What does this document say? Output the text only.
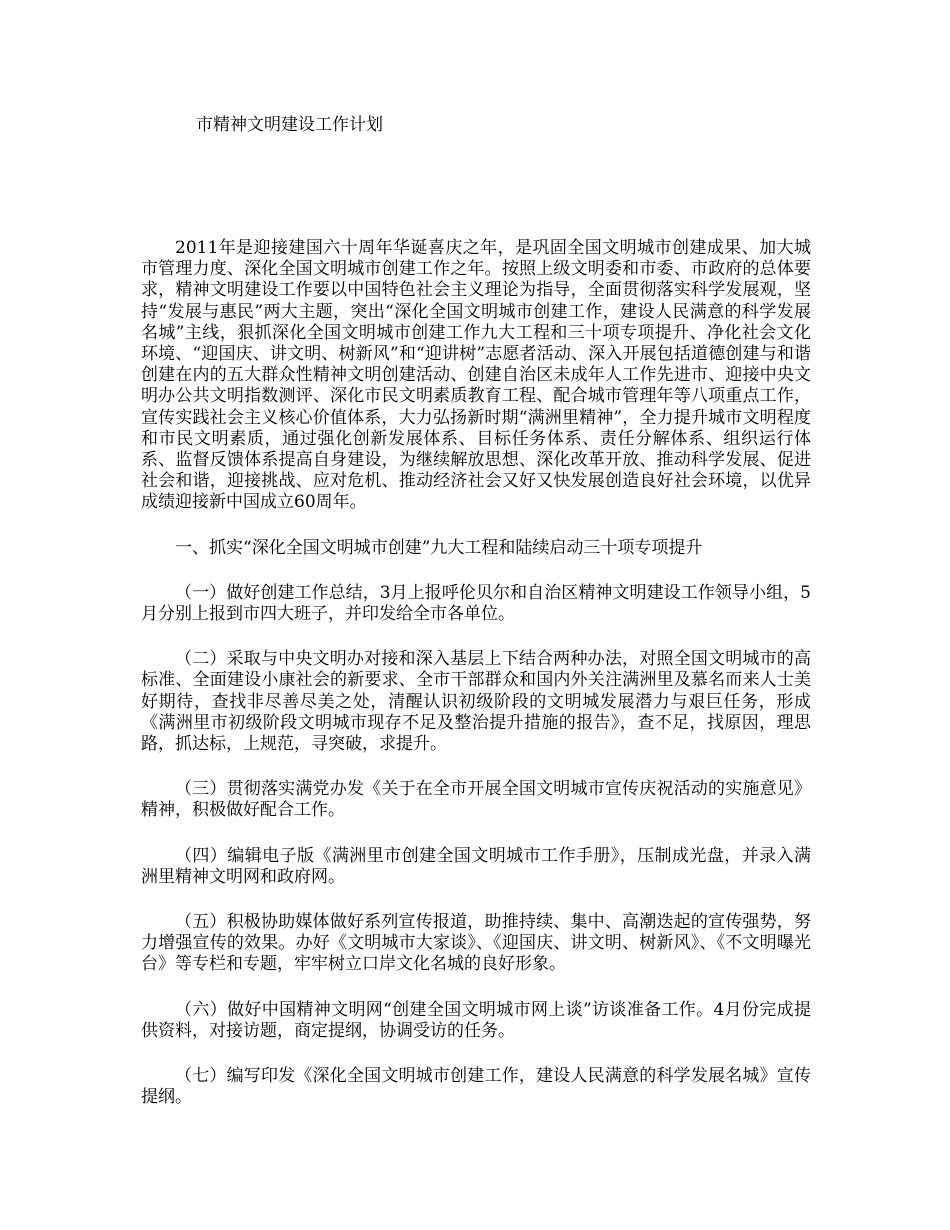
市精神文明建设工作计划

2011年是迎接建国六十周年华诞喜庆之年，是巩固全国文明城市创建成果、加大城市管理力度、深化全国文明城市创建工作之年。按照上级文明委和市委、市政府的总体要求，精神文明建设工作要以中国特色社会主义理论为指导，全面贯彻落实科学发展观，坚持“发展与惠民”两大主题，突出“深化全国文明城市创建工作，建设人民满意的科学发展名城”主线，狠抓深化全国文明城市创建工作九大工程和三十项专项提升、净化社会文化环境、“迎国庆、讲文明、树新风”和“迎讲树”志愿者活动、深入开展包括道德创建与和谐创建在内的五大群众性精神文明创建活动、创建自治区未成年人工作先进市、迎接中央文明办公共文明指数测评、深化市民文明素质教育工程、配合城市管理年等八项重点工作，宣传实践社会主义核心价值体系，大力弘扬新时期“满洲里精神”，全力提升城市文明程度和市民文明素质，通过强化创新发展体系、目标任务体系、责任分解体系、组织运行体系、监督反馈体系提高自身建设，为继续解放思想、深化改革开放、推动科学发展、促进社会和谐，迎接挑战、应对危机、推动经济社会又好又快发展创造良好社会环境，以优异成绩迎接新中国成立60周年。

一、抓实“深化全国文明城市创建”九大工程和陆续启动三十项专项提升

（一）做好创建工作总结，3月上报呼伦贝尔和自治区精神文明建设工作领导小组，5月分别上报到市四大班子，并印发给全市各单位。

（二）采取与中央文明办对接和深入基层上下结合两种办法，对照全国文明城市的高标准、全面建设小康社会的新要求、全市干部群众和国内外关注满洲里及慕名而来人士美好期待，查找非尽善尽美之处，清醒认识初级阶段的文明城发展潜力与艰巨任务，形成《满洲里市初级阶段文明城市现存不足及整治提升措施的报告》，查不足，找原因，理思路，抓达标，上规范，寻突破，求提升。

（三）贯彻落实满党办发《关于在全市开展全国文明城市宣传庆祝活动的实施意见》精神，积极做好配合工作。

（四）编辑电子版《满洲里市创建全国文明城市工作手册》，压制成光盘，并录入满洲里精神文明网和政府网。

（五）积极协助媒体做好系列宣传报道，助推持续、集中、高潮迭起的宣传强势，努力增强宣传的效果。办好《文明城市大家谈》、《迎国庆、讲文明、树新风》、《不文明曝光台》等专栏和专题，牢牢树立口岸文化名城的良好形象。

（六）做好中国精神文明网“创建全国文明城市网上谈”访谈准备工作。4月份完成提供资料，对接访题，商定提纲，协调受访的任务。

（七）编写印发《深化全国文明城市创建工作，建设人民满意的科学发展名城》宣传提纲。
